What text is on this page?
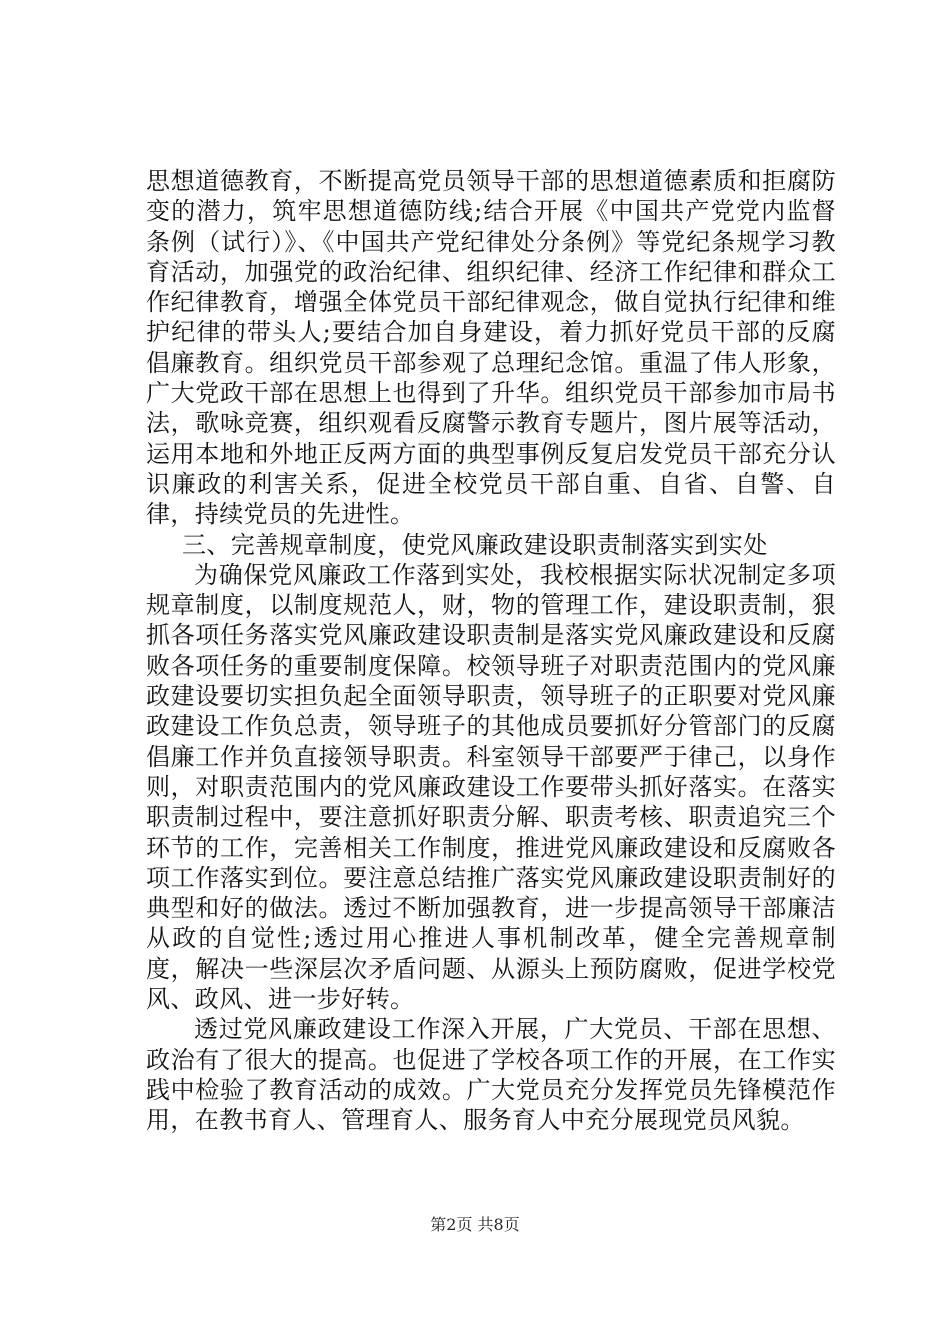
思想道德教育，不断提高党员领导干部的思想道德素质和拒腐防变的潜力，筑牢思想道德防线;结合开展《中国共产党党内监督条例（试行）》、《中国共产党纪律处分条例》等党纪条规学习教育活动，加强党的政治纪律、组织纪律、经济工作纪律和群众工作纪律教育，增强全体党员干部纪律观念，做自觉执行纪律和维护纪律的带头人;要结合加自身建设，着力抓好党员干部的反腐倡廉教育。组织党员干部参观了总理纪念馆。重温了伟人形象，广大党政干部在思想上也得到了升华。组织党员干部参加市局书法，歌咏竞赛，组织观看反腐警示教育专题片，图片展等活动，运用本地和外地正反两方面的典型事例反复启发党员干部充分认识廉政的利害关系，促进全校党员干部自重、自省、自警、自律，持续党员的先进性。

三、完善规章制度，使党风廉政建设职责制落实到实处

为确保党风廉政工作落到实处，我校根据实际状况制定多项规章制度，以制度规范人，财，物的管理工作，建设职责制，狠抓各项任务落实党风廉政建设职责制是落实党风廉政建设和反腐败各项任务的重要制度保障。校领导班子对职责范围内的党风廉政建设要切实担负起全面领导职责，领导班子的正职要对党风廉政建设工作负总责，领导班子的其他成员要抓好分管部门的反腐倡廉工作并负直接领导职责。科室领导干部要严于律己，以身作则，对职责范围内的党风廉政建设工作要带头抓好落实。在落实职责制过程中，要注意抓好职责分解、职责考核、职责追究三个环节的工作，完善相关工作制度，推进党风廉政建设和反腐败各项工作落实到位。要注意总结推广落实党风廉政建设职责制好的典型和好的做法。透过不断加强教育，进一步提高领导干部廉洁从政的自觉性;透过用心推进人事机制改革，健全完善规章制度，解决一些深层次矛盾问题、从源头上预防腐败，促进学校党风、政风、进一步好转。

透过党风廉政建设工作深入开展，广大党员、干部在思想、政治有了很大的提高。也促进了学校各项工作的开展，在工作实践中检验了教育活动的成效。广大党员充分发挥党员先锋模范作用，在教书育人、管理育人、服务育人中充分展现党员风貌。

第2页 共8页
